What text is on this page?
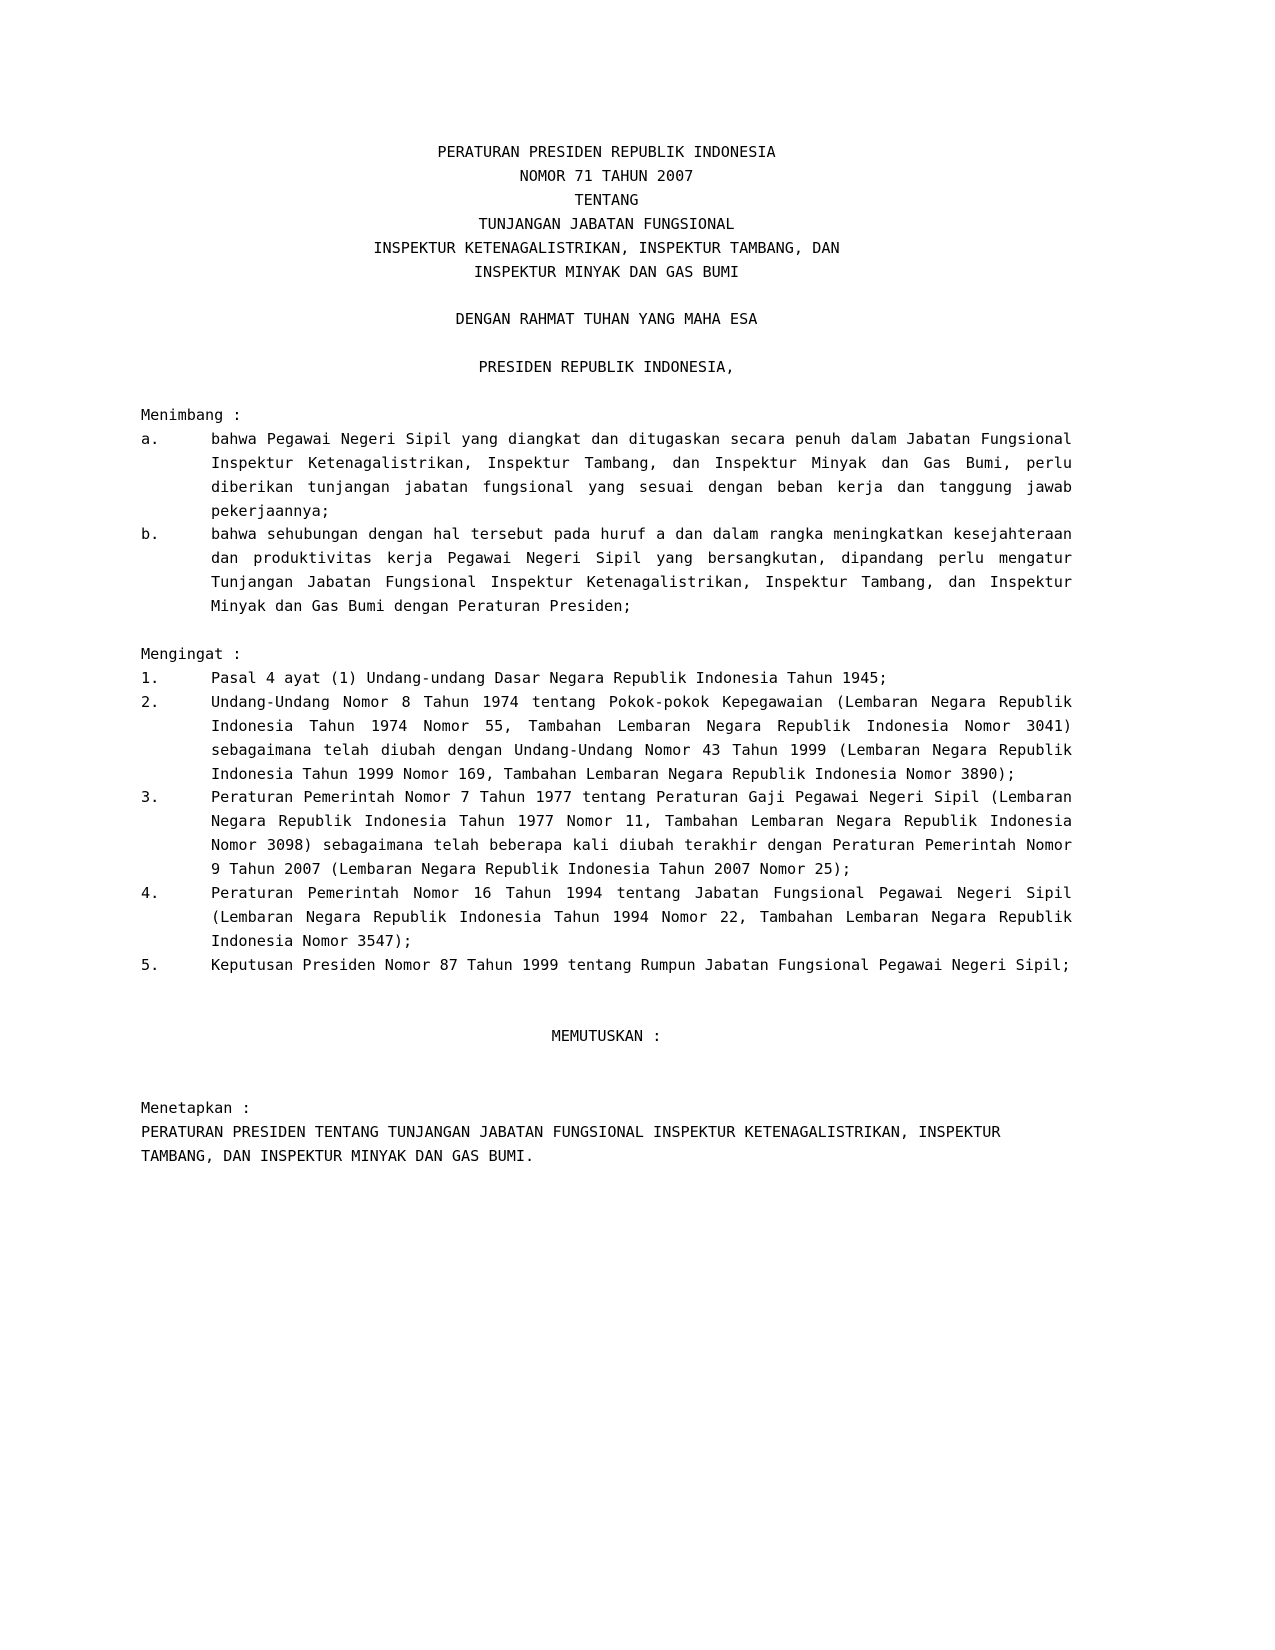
PERATURAN PRESIDEN REPUBLIK INDONESIA
NOMOR 71 TAHUN 2007
TENTANG
TUNJANGAN JABATAN FUNGSIONAL
INSPEKTUR KETENAGALISTRIKAN, INSPEKTUR TAMBANG, DAN
INSPEKTUR MINYAK DAN GAS BUMI
DENGAN RAHMAT TUHAN YANG MAHA ESA
PRESIDEN REPUBLIK INDONESIA,
Menimbang :
a.	bahwa Pegawai Negeri Sipil yang diangkat dan ditugaskan secara penuh dalam Jabatan Fungsional Inspektur Ketenagalistrikan, Inspektur Tambang, dan Inspektur Minyak dan Gas Bumi, perlu diberikan tunjangan jabatan fungsional yang sesuai dengan beban kerja dan tanggung jawab pekerjaannya;
b.	bahwa sehubungan dengan hal tersebut pada huruf a dan dalam rangka meningkatkan kesejahteraan dan produktivitas kerja Pegawai Negeri Sipil yang bersangkutan, dipandang perlu mengatur Tunjangan Jabatan Fungsional Inspektur Ketenagalistrikan, Inspektur Tambang, dan Inspektur Minyak dan Gas Bumi dengan Peraturan Presiden;
Mengingat :
1.	Pasal 4 ayat (1) Undang-undang Dasar Negara Republik Indonesia Tahun 1945;
2.	Undang-Undang Nomor 8 Tahun 1974 tentang Pokok-pokok Kepegawaian (Lembaran Negara Republik Indonesia Tahun 1974 Nomor 55, Tambahan Lembaran Negara Republik Indonesia Nomor 3041) sebagaimana telah diubah dengan Undang-Undang Nomor 43 Tahun 1999 (Lembaran Negara Republik Indonesia Tahun 1999 Nomor 169, Tambahan Lembaran Negara Republik Indonesia Nomor 3890);
3.	Peraturan Pemerintah Nomor 7 Tahun 1977 tentang Peraturan Gaji Pegawai Negeri Sipil (Lembaran Negara Republik Indonesia Tahun 1977 Nomor 11, Tambahan Lembaran Negara Republik Indonesia Nomor 3098) sebagaimana telah beberapa kali diubah terakhir dengan Peraturan Pemerintah Nomor 9 Tahun 2007 (Lembaran Negara Republik Indonesia Tahun 2007 Nomor 25);
4.	Peraturan Pemerintah Nomor 16 Tahun 1994 tentang Jabatan Fungsional Pegawai Negeri Sipil (Lembaran Negara Republik Indonesia Tahun 1994 Nomor 22, Tambahan Lembaran Negara Republik Indonesia Nomor 3547);
5.	Keputusan Presiden Nomor 87 Tahun 1999 tentang Rumpun Jabatan Fungsional Pegawai Negeri Sipil;
MEMUTUSKAN :
Menetapkan :
PERATURAN PRESIDEN TENTANG TUNJANGAN JABATAN FUNGSIONAL INSPEKTUR KETENAGALISTRIKAN, INSPEKTUR TAMBANG, DAN INSPEKTUR MINYAK DAN GAS BUMI.
